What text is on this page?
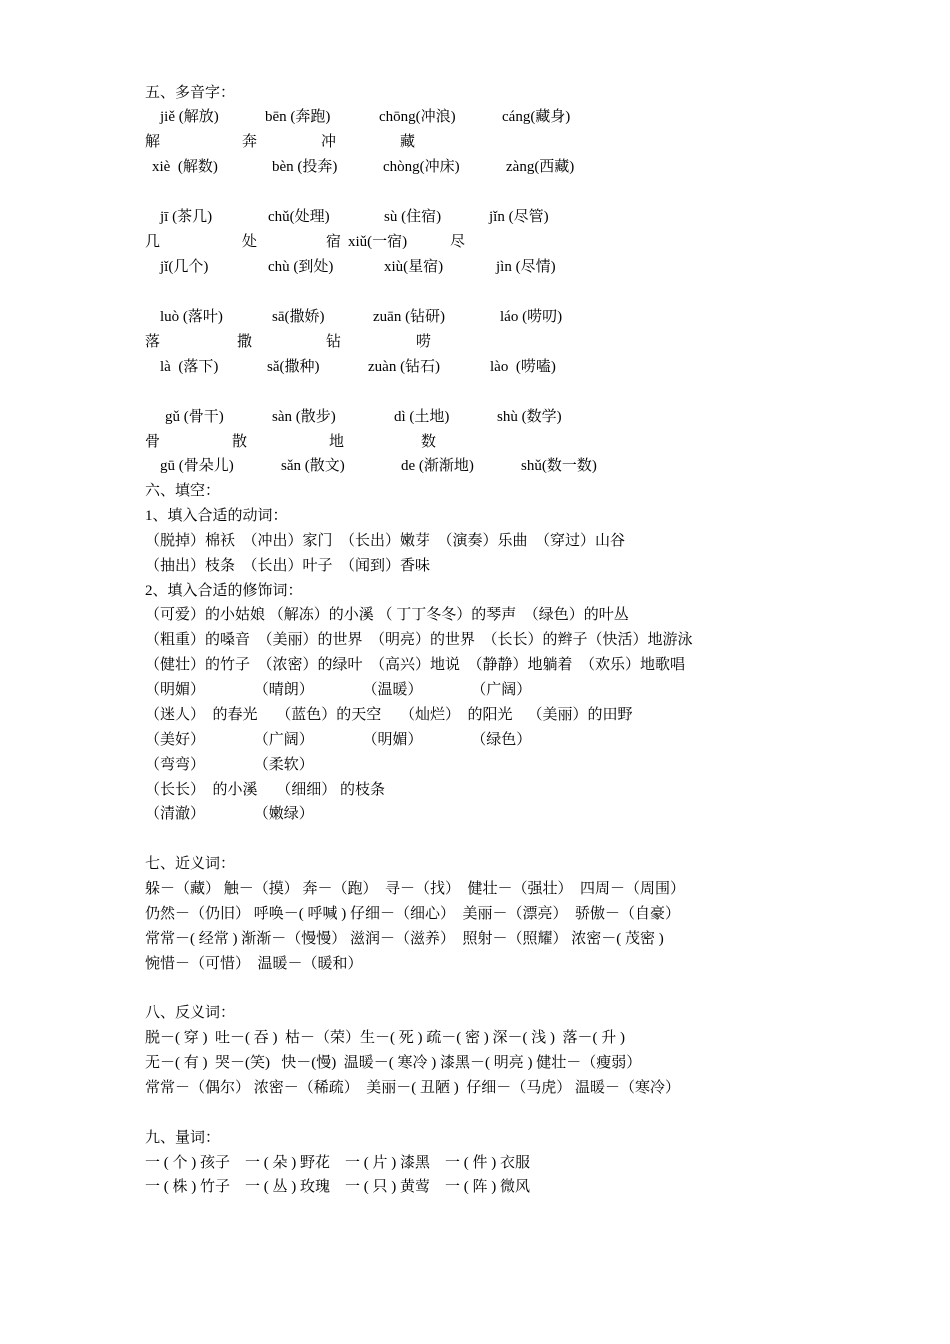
五、多音字：
jiě (解放)	bēn (奔跑)	chōng(冲浪)	cáng(藏身)
解	奔	冲	藏
xiè  (解数)	bèn (投奔)	chòng(冲床)	zàng(西藏)
jī (茶几)	chǔ(处理)	sù (住宿)	jǐn (尽管)
几	处	宿 xiǔ(一宿)	尽
jǐ(几个)	chù (到处)	xiù(星宿)	jìn (尽情)
luò (落叶)	sā(撒娇)	zuān (钻研)	láo (唠叨)
落	撒	钻	唠
là  (落下)	sǎ(撒种)	zuàn (钻石)	lào  (唠嗑)
gǔ (骨干)	sàn (散步)	dì (土地)	shù (数学)
骨	散	地	数
gū (骨朵儿)	sǎn (散文)	de (渐渐地)	shǔ(数一数)
六、填空：
1、填入合适的动词：
（脱掉）棉袄  （冲出）家门  （长出）嫩芽  （演奏）乐曲  （穿过）山谷
（抽出）枝条  （长出）叶子  （闻到）香味
2、填入合适的修饰词：
（可爱）的小姑娘 （解冻）的小溪 （ 丁丁冬冬）的琴声  （绿色）的叶丛
（粗重）的嗓音  （美丽）的世界  （明亮）的世界  （长长）的辫子（快活）地游泳
（健壮）的竹子  （浓密）的绿叶  （高兴）地说  （静静）地躺着  （欢乐）地歌唱
（明媚）             （晴朗）             （温暖）             （广阔）
（迷人）  的春光     （蓝色）的天空     （灿烂）  的阳光    （美丽）的田野
（美好）             （广阔）             （明媚）             （绿色）
（弯弯）             （柔软）
（长长）  的小溪     （细细） 的枝条
（清澈）             （嫩绿）
七、近义词：
躲－（藏） 触－（摸） 奔－（跑）  寻－（找）  健壮－（强壮）  四周－（周围）
仍然－（仍旧） 呼唤－( 呼喊 ) 仔细－（细心）  美丽－（漂亮）  骄傲－（自豪）
常常－( 经常 ) 渐渐－（慢慢） 滋润－（滋养）  照射－（照耀） 浓密－( 茂密 )
惋惜－（可惜）  温暖－（暖和）
八、反义词：
脱－( 穿 )  吐－( 吞 )  枯－（荣）生－( 死 ) 疏－( 密 ) 深－( 浅 )  落－( 升 )
无－( 有 )  哭－(笑)   快－(慢)  温暖－( 寒冷 ) 漆黑－( 明亮 ) 健壮－（瘦弱）
常常－（偶尔） 浓密－（稀疏）  美丽－( 丑陋 )  仔细－（马虎） 温暖－（寒冷）
九、量词：
一 ( 个 ) 孩子    一 ( 朵 ) 野花    一 ( 片 ) 漆黑    一 ( 件 ) 衣服
一 ( 株 ) 竹子    一 ( 丛 ) 玫瑰    一 ( 只 ) 黄莺    一 ( 阵 ) 微风
